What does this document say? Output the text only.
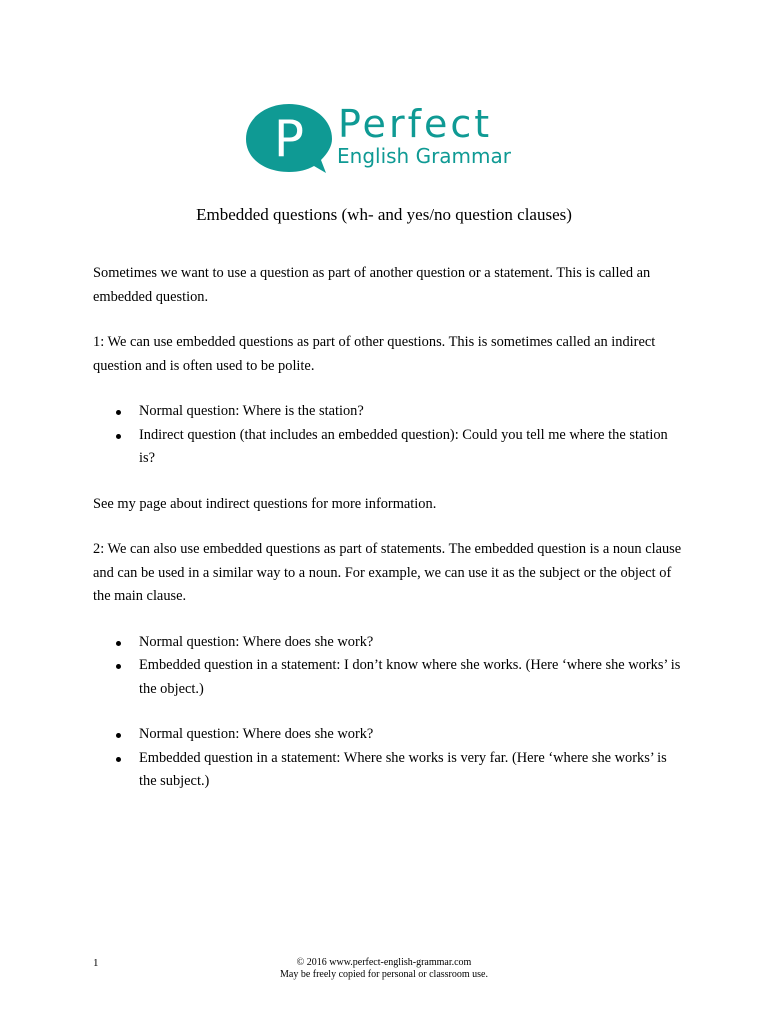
P Perfect
English Grammar
Embedded questions (wh- and yes/no question clauses)

Sometimes we want to use a question as part of another question or a statement. This is called an embedded question.

1: We can use embedded questions as part of other questions. This is sometimes called an indirect question and is often used to be polite.

Normal question: Where is the station?
Indirect question (that includes an embedded question): Could you tell me where the station is?

See my page about indirect questions for more information.

2: We can also use embedded questions as part of statements. The embedded question is a noun clause and can be used in a similar way to a noun. For example, we can use it as the subject or the object of the main clause.

Normal question: Where does she work?
Embedded question in a statement: I don’t know where she works. (Here ‘where she works’ is the object.)
Normal question: Where does she work?
Embedded question in a statement: Where she works is very far. (Here ‘where she works’ is the subject.)
1	© 2016 www.perfect-english-grammar.com
May be freely copied for personal or classroom use.
